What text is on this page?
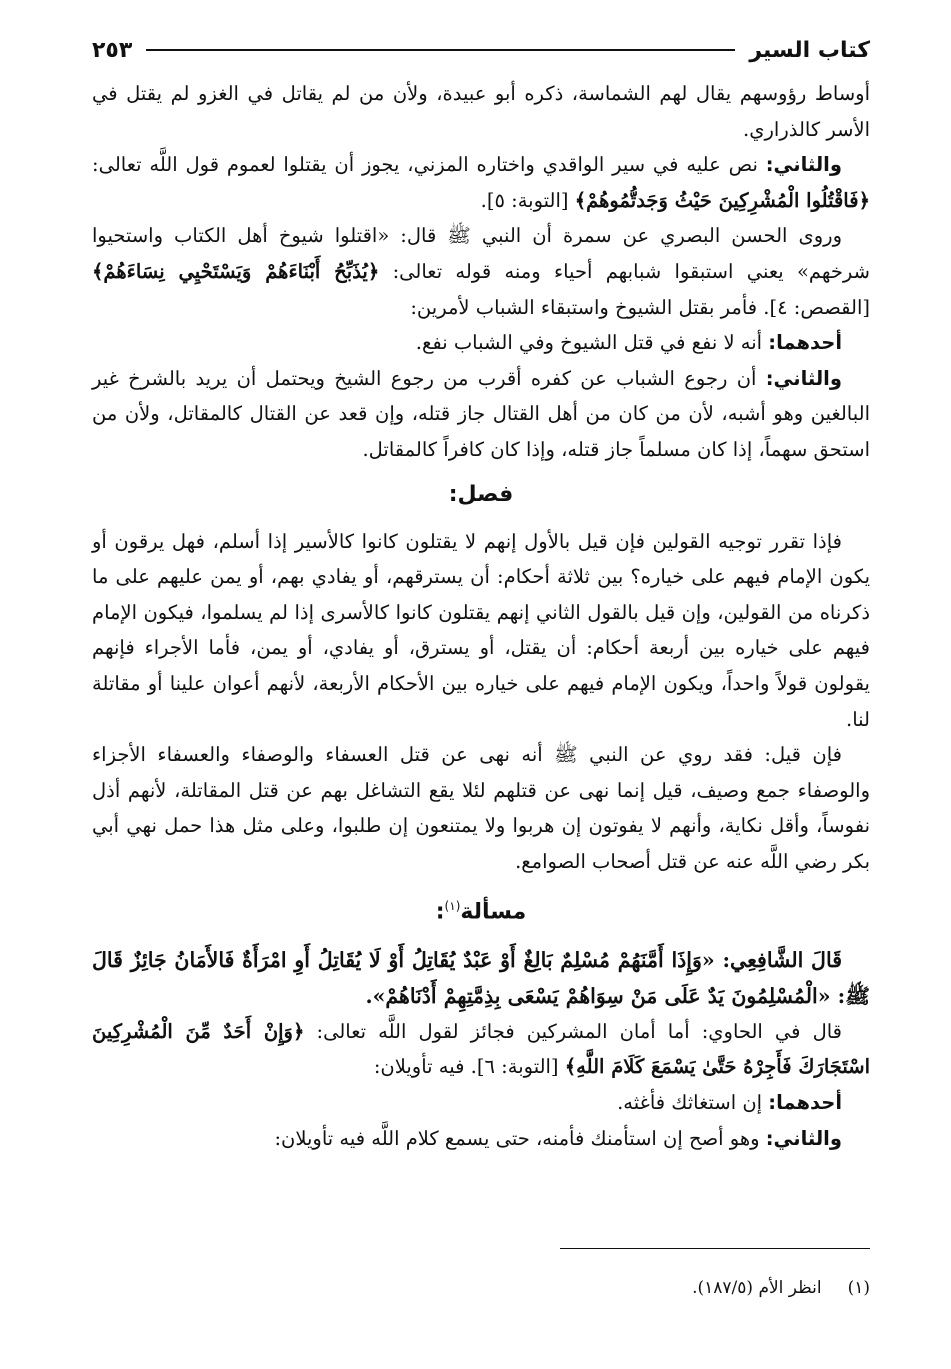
كتاب السير
٢٥٣

أوساط رؤوسهم يقال لهم الشماسة، ذكره أبو عبيدة، ولأن من لم يقاتل في الغزو لم يقتل في الأسر كالذراري.

والثاني: نص عليه في سير الواقدي واختاره المزني، يجوز أن يقتلوا لعموم قول اللَّه تعالى: ﴿فَاقْتُلُوا الْمُشْرِكِينَ حَيْثُ وَجَدتُّمُوهُمْ﴾ [التوبة: ٥].

وروى الحسن البصري عن سمرة أن النبي ﷺ قال: «اقتلوا شيوخ أهل الكتاب واستحيوا شرخهم» يعني استبقوا شبابهم أحياء ومنه قوله تعالى: ﴿يُذَبِّحُ أَبْنَاءَهُمْ وَيَسْتَحْيِي نِسَاءَهُمْ﴾ [القصص: ٤]. فأمر بقتل الشيوخ واستبقاء الشباب لأمرين:

أحدهما: أنه لا نفع في قتل الشيوخ وفي الشباب نفع.

والثاني: أن رجوع الشباب عن كفره أقرب من رجوع الشيخ ويحتمل أن يريد بالشرخ غير البالغين وهو أشبه، لأن من كان من أهل القتال جاز قتله، وإن قعد عن القتال كالمقاتل، ولأن من استحق سهماً، إذا كان مسلماً جاز قتله، وإذا كان كافراً كالمقاتل.

فصل:

فإذا تقرر توجيه القولين فإن قيل بالأول إنهم لا يقتلون كانوا كالأسير إذا أسلم، فهل يرقون أو يكون الإمام فيهم على خياره؟ بين ثلاثة أحكام: أن يسترقهم، أو يفادي بهم، أو يمن عليهم على ما ذكرناه من القولين، وإن قيل بالقول الثاني إنهم يقتلون كانوا كالأسرى إذا لم يسلموا، فيكون الإمام فيهم على خياره بين أربعة أحكام: أن يقتل، أو يسترق، أو يفادي، أو يمن، فأما الأجراء فإنهم يقولون قولاً واحداً، ويكون الإمام فيهم على خياره بين الأحكام الأربعة، لأنهم أعوان علينا أو مقاتلة لنا.

فإن قيل: فقد روي عن النبي ﷺ أنه نهى عن قتل العسفاء والوصفاء والعسفاء الأجزاء والوصفاء جمع وصيف، قيل إنما نهى عن قتلهم لئلا يقع التشاغل بهم عن قتل المقاتلة، لأنهم أذل نفوساً، وأقل نكاية، وأنهم لا يفوتون إن هربوا ولا يمتنعون إن طلبوا، وعلى مثل هذا حمل نهي أبي بكر رضي اللَّه عنه عن قتل أصحاب الصوامع.

مسألة$^{(١)}$:

قَالَ الشَّافِعِي: «وَإِذَا أَمَّنَهُمْ مُسْلِمٌ بَالِغٌ أَوْ عَبْدٌ يُقَاتِلُ أَوْ لَا يُقَاتِلُ أَوِ امْرَأَةٌ فَالأَمَانُ جَائِزٌ قَالَ ﷺ: «الْمُسْلِمُونَ يَدٌ عَلَى مَنْ سِوَاهُمْ يَسْعَى بِذِمَّتِهِمْ أَدْنَاهُمْ».

قال في الحاوي: أما أمان المشركين فجائز لقول اللَّه تعالى: ﴿وَإِنْ أَحَدٌ مِّنَ الْمُشْرِكِينَ اسْتَجَارَكَ فَأَجِرْهُ حَتَّىٰ يَسْمَعَ كَلَامَ اللَّهِ﴾ [التوبة: ٦]. فيه تأويلان:

أحدهما: إن استغاثك فأغثه.

والثاني: وهو أصح إن استأمنك فأمنه، حتى يسمع كلام اللَّه فيه تأويلان:

(١)انظر الأم (١٨٧/٥).
